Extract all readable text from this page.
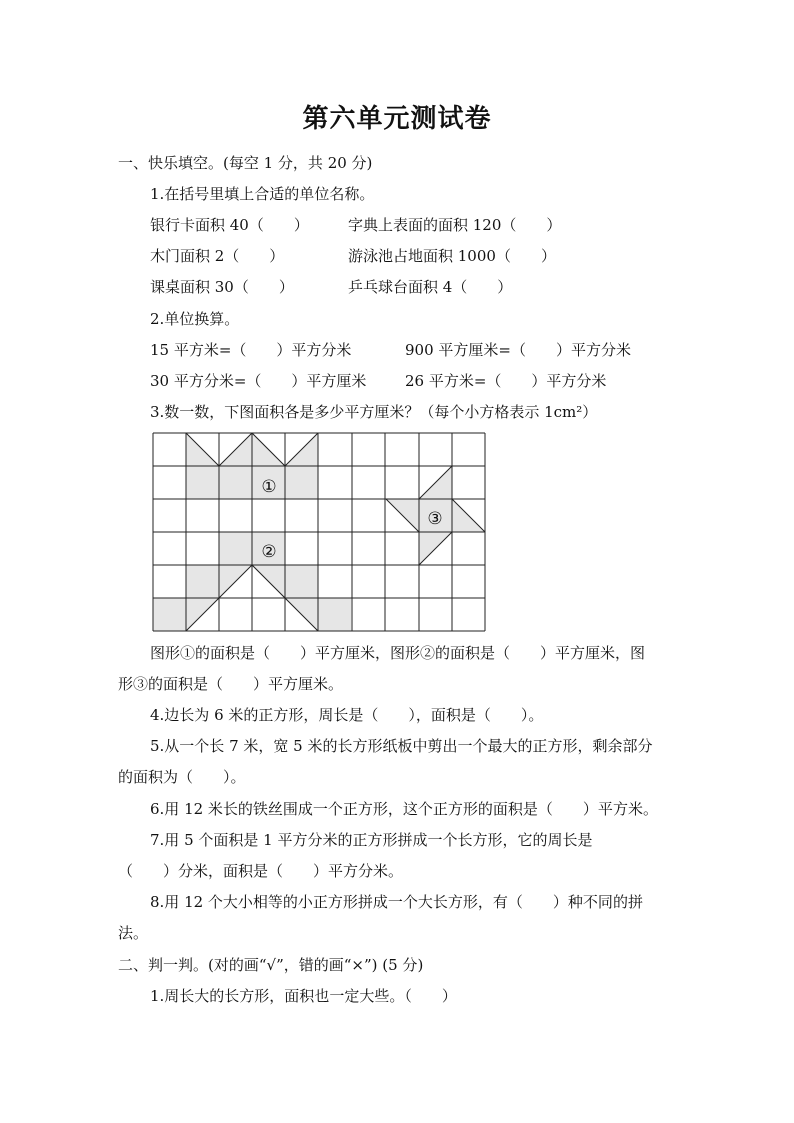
第六单元测试卷
一、快乐填空。(每空 1 分，共 20 分)
1.在括号里填上合适的单位名称。
银行卡面积 40（　　）	字典上表面的面积 120（　　）
木门面积 2（　　）	游泳池占地面积 1000（　　）
课桌面积 30（　　）	乒乓球台面积 4（　　）
2.单位换算。
15 平方米=（　　）平方分米	900 平方厘米=（　　）平方分米
30 平方分米=（　　）平方厘米	26 平方米=（　　）平方分米
3.数一数，下图面积各是多少平方厘米？（每个小方格表示 1cm²）
①
②
③
图形①的面积是（　　）平方厘米，图形②的面积是（　　）平方厘米，图
形③的面积是（　　）平方厘米。
4.边长为 6 米的正方形，周长是（　　），面积是（　　）。
5.从一个长 7 米，宽 5 米的长方形纸板中剪出一个最大的正方形，剩余部分
的面积为（　　）。
6.用 12 米长的铁丝围成一个正方形，这个正方形的面积是（　　）平方米。
7.用 5 个面积是 1 平方分米的正方形拼成一个长方形，它的周长是
（　　）分米，面积是（　　）平方分米。
8.用 12 个大小相等的小正方形拼成一个大长方形，有（　　）种不同的拼
法。
二、判一判。(对的画“√”，错的画“×”) (5 分)
1.周长大的长方形，面积也一定大些。（　　）
